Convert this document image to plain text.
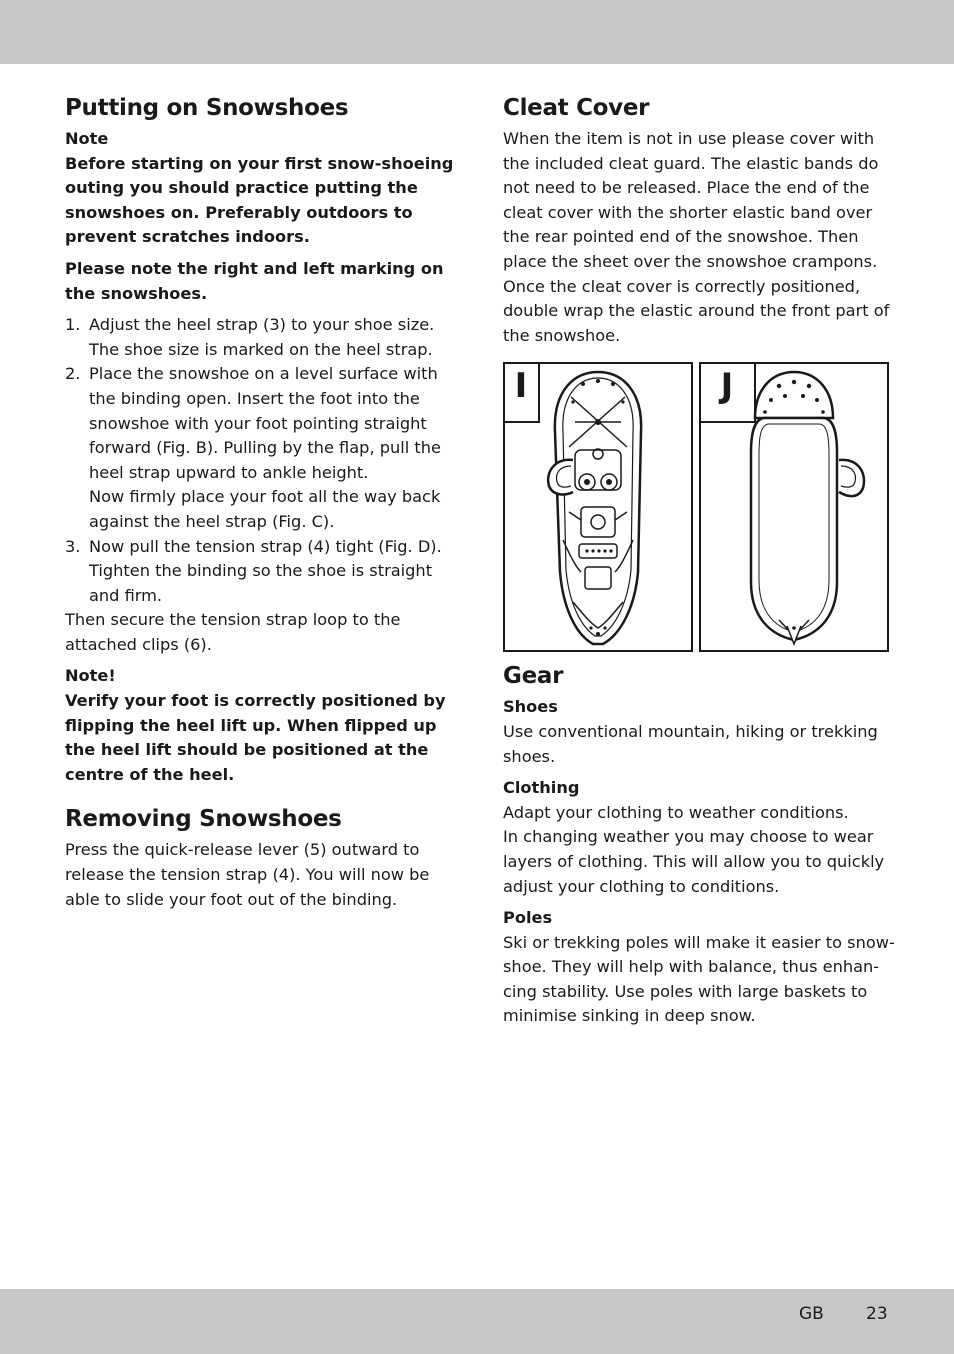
Putting on Snowshoes

Note

Before starting on your first snow-shoeing outing you should practice putting the snowshoes on. Preferably outdoors to prevent scratches indoors.

Please note the right and left marking on the snowshoes.

1. Adjust the heel strap (3) to your shoe size. The shoe size is marked on the heel strap.
2. Place the snowshoe on a level surface with the binding open. Insert the foot into the snowshoe with your foot pointing straight forward (Fig. B). Pulling by the flap, pull the heel strap upward to ankle height.
Now firmly place your foot all the way back against the heel strap (Fig. C).
3. Now pull the tension strap (4) tight (Fig. D). Tighten the binding so the shoe is straight and firm.

Then secure the tension strap loop to the attached clips (6).

Note!

Verify your foot is correctly positioned by flipping the heel lift up. When flipped up the heel lift should be positioned at the centre of the heel.

Removing Snowshoes

Press the quick-release lever (5) outward to release the tension strap (4). You will now be able to slide your foot out of the binding.

Cleat Cover

When the item is not in use please cover with the included cleat guard. The elastic bands do not need to be released. Place the end of the cleat cover with the shorter elastic band over the rear pointed end of the snowshoe. Then place the sheet over the snowshoe crampons. Once the cleat cover is correctly positioned, double wrap the elastic around the front part of the snowshoe.

I	J
Gear

Shoes

Use conventional mountain, hiking or trekking shoes.

Clothing

Adapt your clothing to weather conditions.

In changing weather you may choose to wear layers of clothing. This will allow you to quickly adjust your clothing to conditions.

Poles

Ski or trekking poles will make it easier to snow-shoe. They will help with balance, thus enhan-cing stability. Use poles with large baskets to minimise sinking in deep snow.

GB 23
